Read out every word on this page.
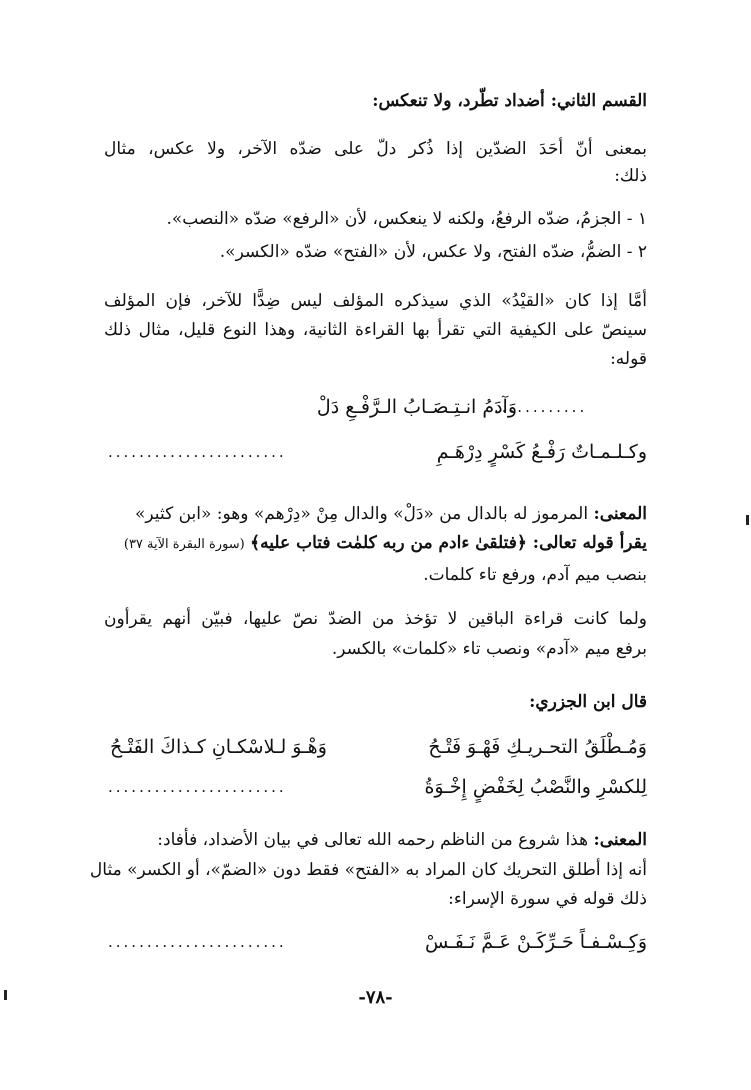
القسم الثاني: أضداد تطّرد، ولا تنعكس:
بمعنى أنّ أحَدَ الضدّين إذا ذُكر دلّ على ضدّه الآخر، ولا عكس، مثال
ذلك:
١ - الجزمُ، ضدّه الرفعُ، ولكنه لا ينعكس، لأن «الرفع» ضدّه «النصب».
٢ - الضمُّ، ضدّه الفتح، ولا عكس، لأن «الفتح» ضدّه «الكسر».
أمَّا إذا كان «القيْدُ» الذي سيذكره المؤلف ليس ضِدًّا للآخر، فإن المؤلف
سينصّ على الكيفية التي تقرأ بها القراءة الثانية، وهذا النوع قليل، مثال ذلك
قوله:
وَآدَمُ انـتِـصَـابُ الـرَّفْـعِ دَلْ
............
وكـلـمـاتٌ رَفْـعُ كَسْرٍ دِرْهَـمِ
.......................
المعنى: المرموز له بالدال من «دَلْ» والدال مِنْ «دِرْهم» وهو: «ابن كثير»
يقرأ قوله تعالى: ﴿فتلقىٰ ءادم من ربه كلمٰت فتاب عليه﴾ (سورة البقرة الآية ٣٧)
بنصب ميم آدم، ورفع تاء كلمات.
ولما كانت قراءة الباقين لا تؤخذ من الضدّ نصّ عليها، فبيّن أنهم يقرأون
برفع ميم «آدم» ونصب تاء «كلمات» بالكسر.
قال ابن الجزري:
وَمُـطْلَقُ التحـريـكِ فَهْـوَ فَتْـحُ
وَهْـوَ لـلاسْكـانِ كـذاكَ الفَتْـحُ
لِلكسْرِ والنَّصْبُ لِخَفْضٍ إِخْـوَةُ
.......................
المعنى: هذا شروع من الناظم رحمه الله تعالى في بيان الأضداد، فأفاد:
أنه إذا أطلق التحريك كان المراد به «الفتح» فقط دون «الضمّ»، أو الكسر» مثال
ذلك قوله في سورة الإسراء:
وَكِـسْـفـاً حَـرِّكَـنْ عَـمَّ نَـفَـسْ
.......................
-٧٨-
